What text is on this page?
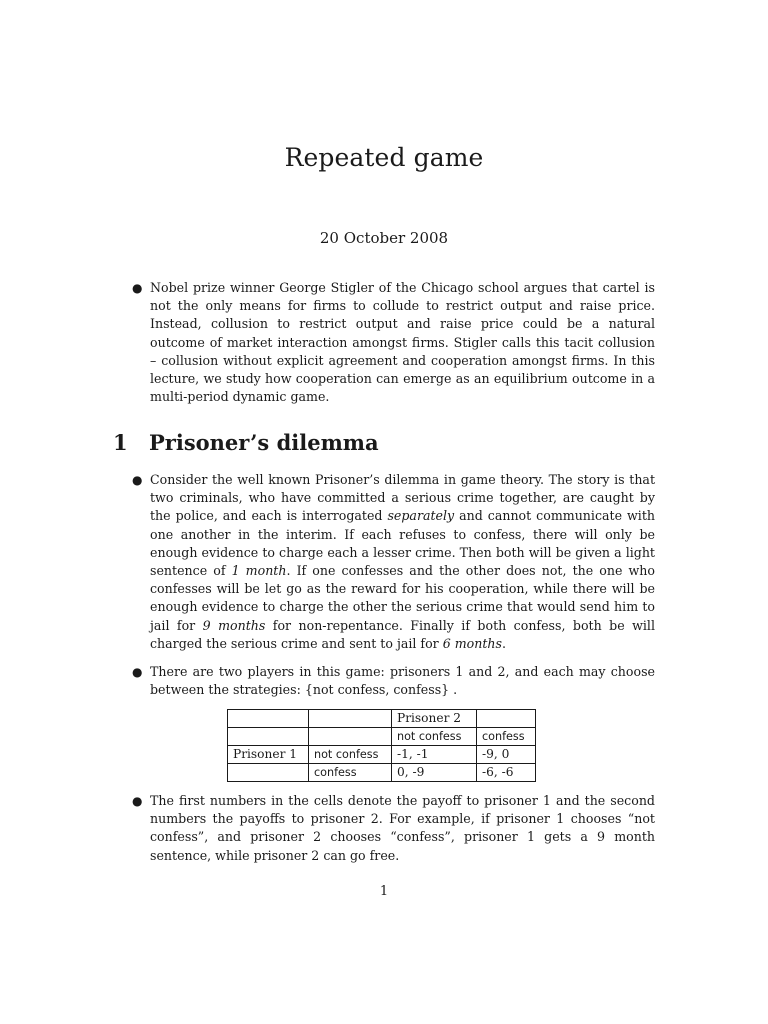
Repeated game
20 October 2008
● Nobel prize winner George Stigler of the Chicago school argues that cartel is not the only means for firms to collude to restrict output and raise price. Instead, collusion to restrict output and raise price could be a natural outcome of market interaction amongst firms. Stigler calls this tacit collusion – collusion without explicit agreement and cooperation amongst firms. In this lecture, we study how cooperation can emerge as an equilibrium outcome in a multi-period dynamic game.
1 Prisoner’s dilemma
● Consider the well known Prisoner’s dilemma in game theory. The story is that two criminals, who have committed a serious crime together, are caught by the police, and each is interrogated separately and cannot communicate with one another in the interim. If each refuses to confess, there will only be enough evidence to charge each a lesser crime. Then both will be given a light sentence of 1 month. If one confesses and the other does not, the one who confesses will be let go as the reward for his cooperation, while there will be enough evidence to charge the other the serious crime that would send him to jail for 9 months for non-repentance. Finally if both confess, both be will charged the serious crime and sent to jail for 6 months.
● There are two players in this game: prisoners 1 and 2, and each may choose between the strategies: {not confess, confess} .
		Prisoner 2	
		not confess	confess
Prisoner 1	not confess	-1, -1	-9, 0
	confess	0, -9	-6, -6
● The first numbers in the cells denote the payoff to prisoner 1 and the second numbers the payoffs to prisoner 2. For example, if prisoner 1 chooses “not confess”, and prisoner 2 chooses “confess”, prisoner 1 gets a 9 month sentence, while prisoner 2 can go free.
1
